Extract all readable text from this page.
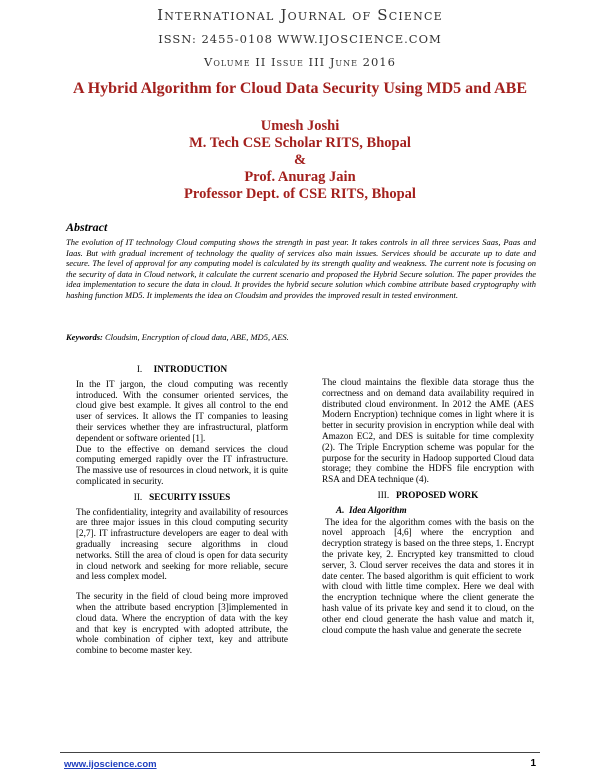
International Journal of Science
ISSN: 2455-0108 WWW.IJOSCIENCE.COM
Volume II Issue III June 2016
A Hybrid Algorithm for Cloud Data Security Using MD5 and ABE
Umesh Joshi
M. Tech CSE Scholar RITS, Bhopal
&
Prof. Anurag Jain
Professor Dept. of CSE RITS, Bhopal
Abstract
The evolution of IT technology Cloud computing shows the strength in past year. It takes controls in all three services Saas, Paas and Iaas. But with gradual increment of technology the quality of services also main issues. Services should be accurate up to date and secure. The level of approval for any computing model is calculated by its strength quality and weakness. The current note is focusing on the security of data in Cloud network, it calculate the current scenario and proposed the Hybrid Secure solution. The paper provides the idea implementation to secure the data in cloud. It provides the hybrid secure solution which combine attribute based cryptography with hashing function MD5. It implements the idea on Cloudsim and provides the improved result in tested environment.
Keywords: Cloudsim, Encryption of cloud data, ABE, MD5, AES.
I. INTRODUCTION

In the IT jargon, the cloud computing was recently introduced. With the consumer oriented services, the cloud give best example. It gives all control to the end user of services. It allows the IT companies to leasing their services whether they are infrastructural, platform dependent or software oriented [1].

Due to the effective on demand services the cloud computing emerged rapidly over the IT infrastructure. The massive use of resources in cloud network, it is quite complicated in security.

II. SECURITY ISSUES

The confidentiality, integrity and availability of resources are three major issues in this cloud computing security [2,7]. IT infrastructure developers are eager to deal with gradually increasing secure algorithms in cloud networks. Still the area of cloud is open for data security in cloud network and seeking for more reliable, secure and less complex model.

The security in the field of cloud being more improved when the attribute based encryption [3]implemented in cloud data. Where the encryption of data with the key and that key is encrypted with adopted attribute, the whole combination of cipher text, key and attribute combine to become master key.

The cloud maintains the flexible data storage thus the correctness and on demand data availability required in distributed cloud environment. In 2012 the AME (AES Modern Encryption) technique comes in light where it is better in security provision in encryption while deal with Amazon EC2, and DES is suitable for time complexity (2). The Triple Encryption scheme was popular for the purpose for the security in Hadoop supported Cloud data storage; they combine the HDFS file encryption with RSA and DEA technique (4).

III. PROPOSED WORK
A. Idea Algorithm

The idea for the algorithm comes with the basis on the novel approach [4,6] where the encryption and decryption strategy is based on the three steps, 1. Encrypt the private key, 2. Encrypted key transmitted to cloud server, 3. Cloud server receives the data and stores it in date center. The based algorithm is quit efficient to work with cloud with little time complex. Here we deal with the encryption technique where the client generate the hash value of its private key and send it to cloud, on the other end cloud generate the hash value and match it, cloud compute the hash value and generate the secrete

www.ijoscience.com	1
